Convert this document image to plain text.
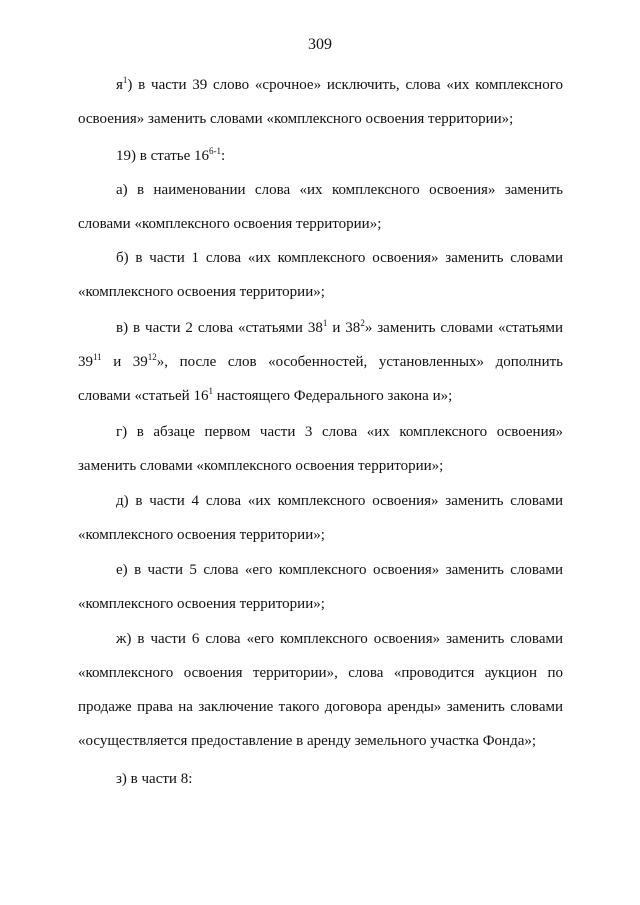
309

$я^1$) в части 39 слово «срочное» исключить, слова «их комплексного освоения» заменить словами «комплексного освоения территории»;

19) в статье 16$^{6-1}$:

а) в наименовании слова «их комплексного освоения» заменить словами «комплексного освоения территории»;

б) в части 1 слова «их комплексного освоения» заменить словами «комплексного освоения территории»;

в) в части 2 слова «статьями $38^1$ и $38^2$» заменить словами «статьями $39^{11}$ и $39^{12}$», после слов «особенностей, установленных» дополнить словами «статьей $16^1$ настоящего Федерального закона и»;

г) в абзаце первом части 3 слова «их комплексного освоения» заменить словами «комплексного освоения территории»;

д) в части 4 слова «их комплексного освоения» заменить словами «комплексного освоения территории»;

е) в части 5 слова «его комплексного освоения» заменить словами «комплексного освоения территории»;

ж) в части 6 слова «его комплексного освоения» заменить словами «комплексного освоения территории», слова «проводится аукцион по продаже права на заключение такого договора аренды» заменить словами «осуществляется предоставление в аренду земельного участка Фонда»;

з) в части 8:
